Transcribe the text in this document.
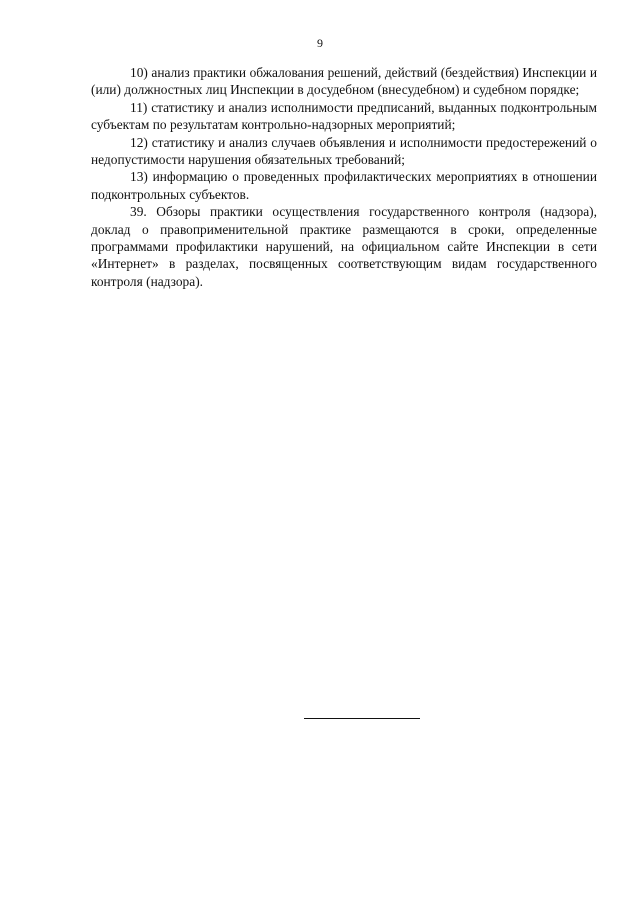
9

10) анализ практики обжалования решений, действий (бездействия) Инспекции и (или) должностных лиц Инспекции в досудебном (внесудебном) и судебном порядке;

11) статистику и анализ исполнимости предписаний, выданных подконтрольным субъектам по результатам контрольно-надзорных мероприятий;

12) статистику и анализ случаев объявления и исполнимости предостережений о недопустимости нарушения обязательных требований;

13) информацию о проведенных профилактических мероприятиях в отношении подконтрольных субъектов.

39. Обзоры практики осуществления государственного контроля (надзора), доклад о правоприменительной практике размещаются в сроки, определенные программами профилактики нарушений, на официальном сайте Инспекции в сети «Интернет» в разделах, посвященных соответствующим видам государственного контроля (надзора).
